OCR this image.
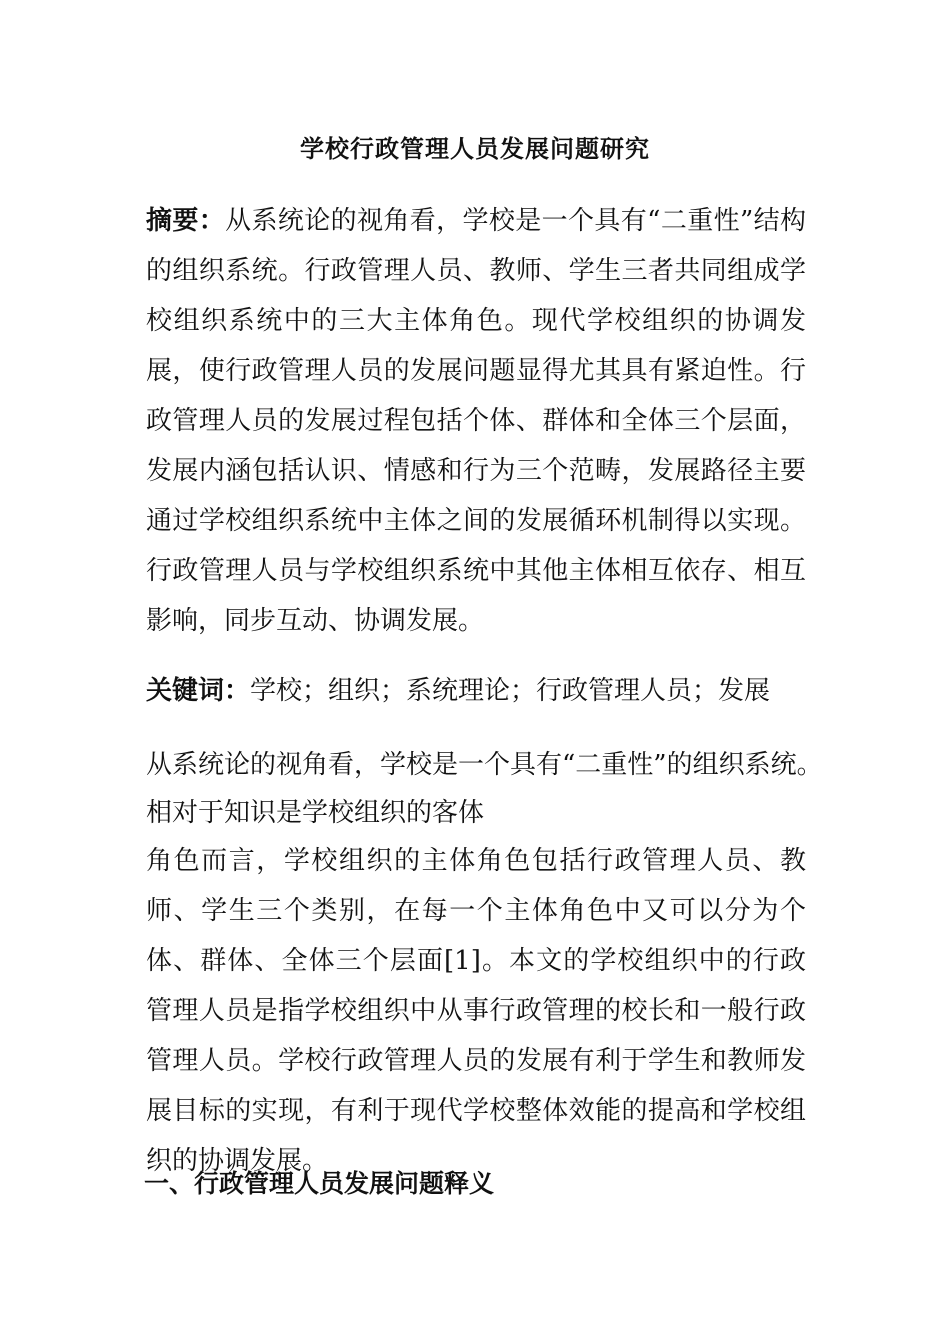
学校行政管理人员发展问题研究
摘要：从系统论的视角看，学校是一个具有“二重性”结构的组织系统。行政管理人员、教师、学生三者共同组成学校组织系统中的三大主体角色。现代学校组织的协调发展，使行政管理人员的发展问题显得尤其具有紧迫性。行政管理人员的发展过程包括个体、群体和全体三个层面，发展内涵包括认识、情感和行为三个范畴，发展路径主要通过学校组织系统中主体之间的发展循环机制得以实现。行政管理人员与学校组织系统中其他主体相互依存、相互影响，同步互动、协调发展。
关键词：学校；组织；系统理论；行政管理人员；发展
从系统论的视角看，学校是一个具有“二重性”的组织系统。
相对于知识是学校组织的客体
角色而言，学校组织的主体角色包括行政管理人员、教师、学生三个类别，在每一个主体角色中又可以分为个体、群体、全体三个层面[1]。本文的学校组织中的行政管理人员是指学校组织中从事行政管理的校长和一般行政管理人员。学校行政管理人员的发展有利于学生和教师发展目标的实现，有利于现代学校整体效能的提高和学校组织的协调发展。
一、行政管理人员发展问题释义
